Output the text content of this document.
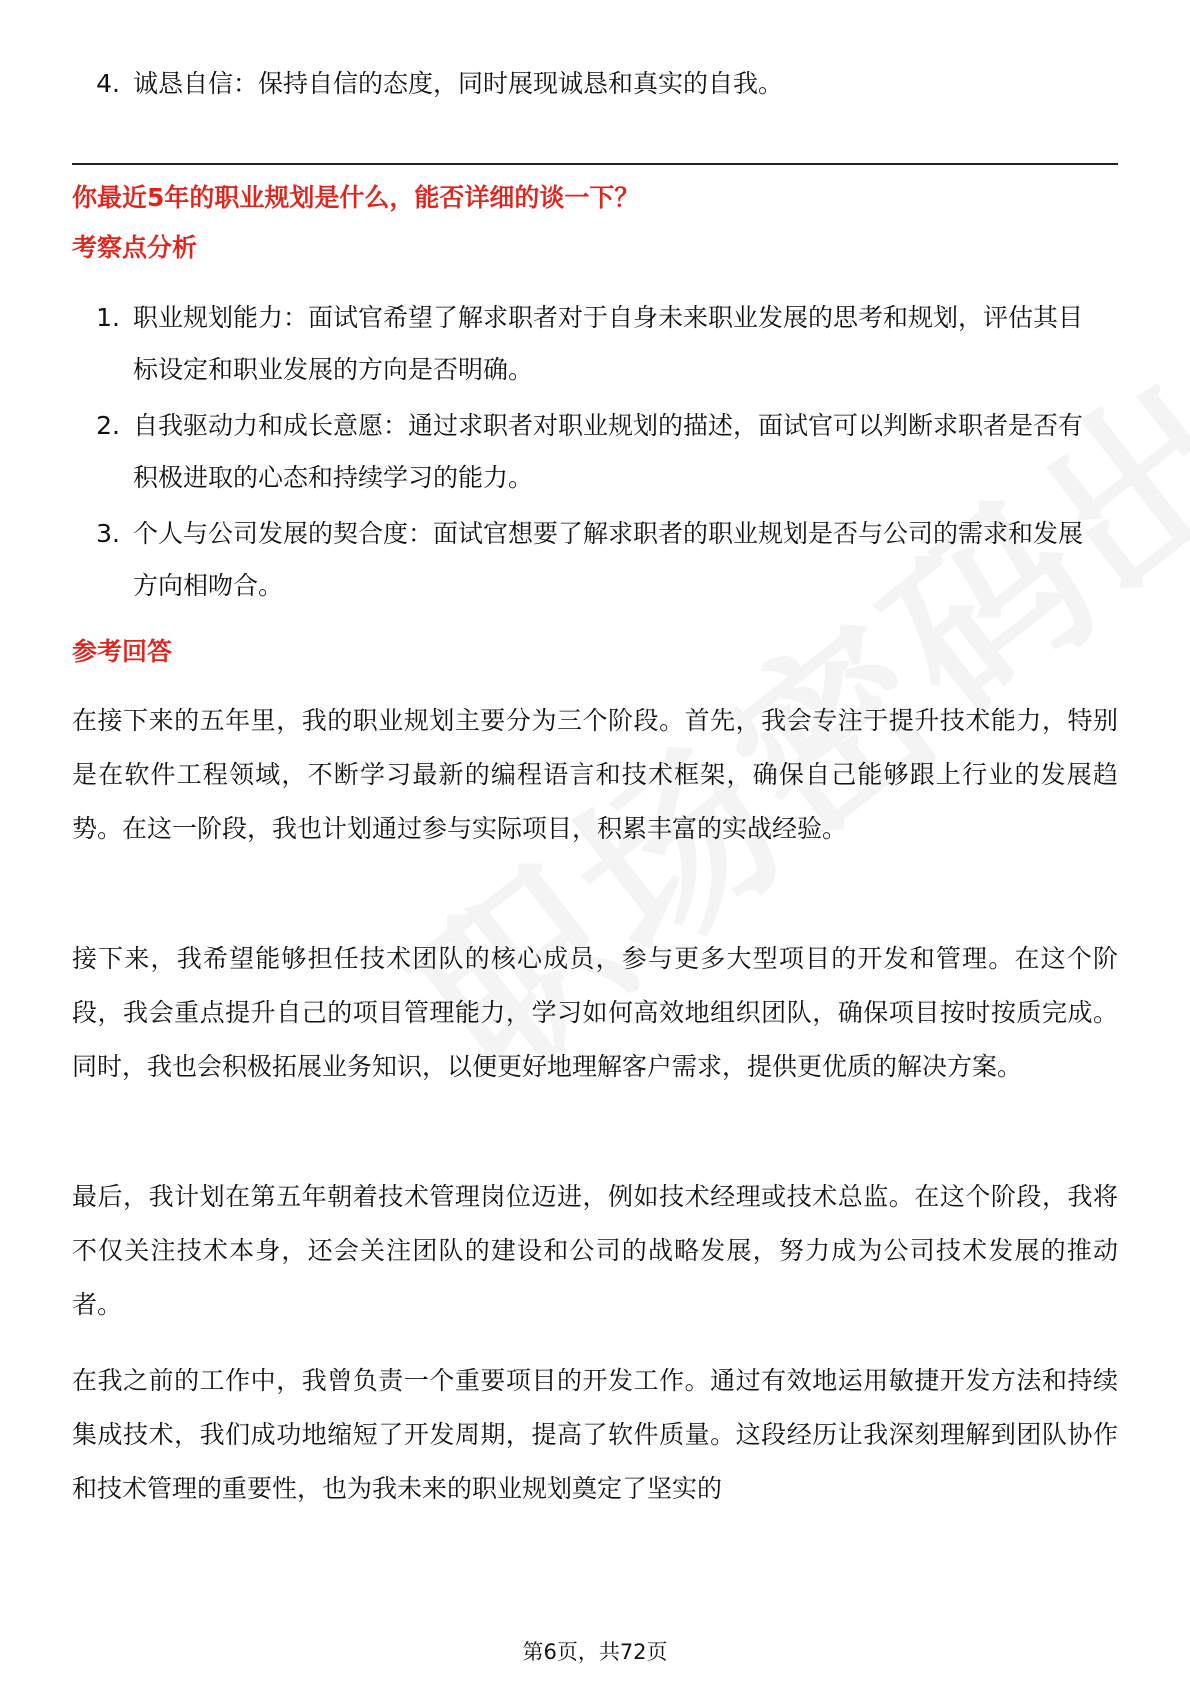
4. 诚恳自信：保持自信的态度，同时展现诚恳和真实的自我。
你最近5年的职业规划是什么，能否详细的谈一下？
考察点分析
1. 职业规划能力：面试官希望了解求职者对于自身未来职业发展的思考和规划，评估其目标设定和职业发展的方向是否明确。
2. 自我驱动力和成长意愿：通过求职者对职业规划的描述，面试官可以判断求职者是否有积极进取的心态和持续学习的能力。
3. 个人与公司发展的契合度：面试官想要了解求职者的职业规划是否与公司的需求和发展方向相吻合。
参考回答
在接下来的五年里，我的职业规划主要分为三个阶段。首先，我会专注于提升技术能力，特别是在软件工程领域，不断学习最新的编程语言和技术框架，确保自己能够跟上行业的发展趋势。在这一阶段，我也计划通过参与实际项目，积累丰富的实战经验。
接下来，我希望能够担任技术团队的核心成员，参与更多大型项目的开发和管理。在这个阶段，我会重点提升自己的项目管理能力，学习如何高效地组织团队，确保项目按时按质完成。同时，我也会积极拓展业务知识，以便更好地理解客户需求，提供更优质的解决方案。
最后，我计划在第五年朝着技术管理岗位迈进，例如技术经理或技术总监。在这个阶段，我将不仅关注技术本身，还会关注团队的建设和公司的战略发展，努力成为公司技术发展的推动者。
在我之前的工作中，我曾负责一个重要项目的开发工作。通过有效地运用敏捷开发方法和持续集成技术，我们成功地缩短了开发周期，提高了软件质量。这段经历让我深刻理解到团队协作和技术管理的重要性，也为我未来的职业规划奠定了坚实的
第6页，共72页
